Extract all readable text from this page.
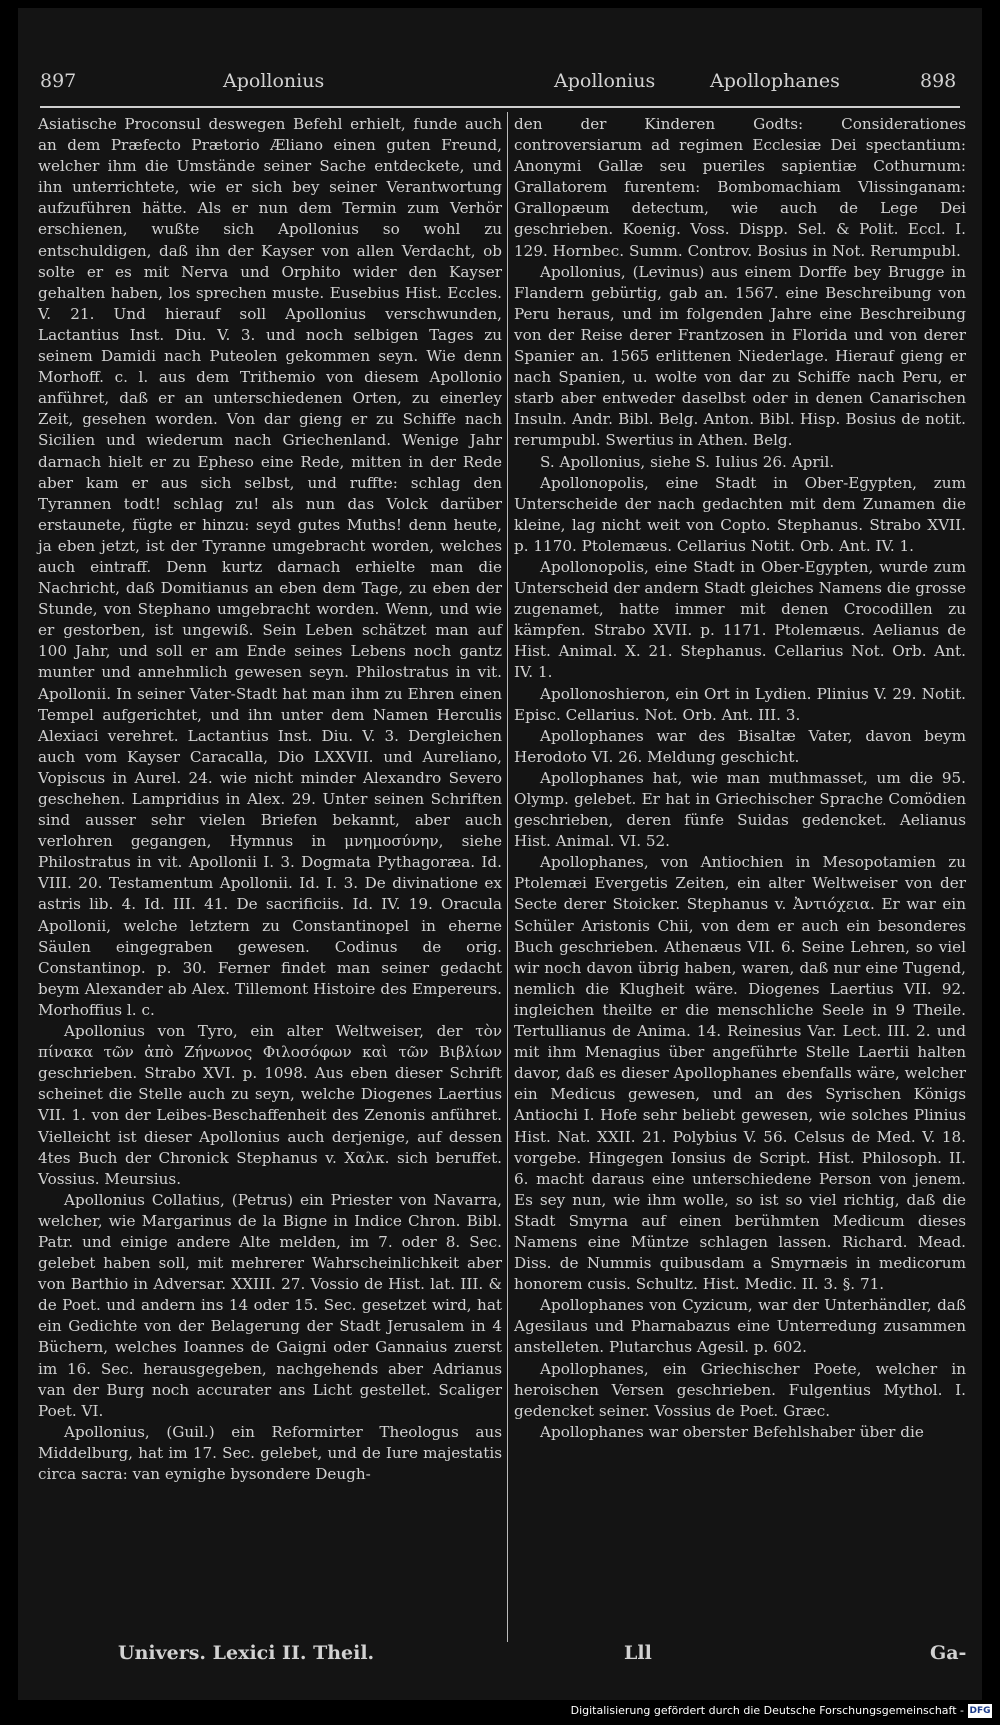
897	Apollonius	Apollonius	Apollophanes	898

Asiatische Proconsul deswegen Befehl erhielt, funde auch an dem Præfecto Prætorio Æliano einen guten Freund, welcher ihm die Umstände seiner Sache entdeckete, und ihn unterrichtete, wie er sich bey seiner Verantwortung aufzuführen hätte. Als er nun dem Termin zum Verhör erschienen, wußte sich Apollonius so wohl zu entschuldigen, daß ihn der Kayser von allen Verdacht, ob solte er es mit Nerva und Orphito wider den Kayser gehalten haben, los sprechen muste. Eusebius Hist. Eccles. V. 21. Und hierauf soll Apollonius verschwunden, Lactantius Inst. Diu. V. 3. und noch selbigen Tages zu seinem Damidi nach Puteolen gekommen seyn. Wie denn Morhoff. c. l. aus dem Trithemio von diesem Apollonio anführet, daß er an unterschiedenen Orten, zu einerley Zeit, gesehen worden. Von dar gieng er zu Schiffe nach Sicilien und wiederum nach Griechenland. Wenige Jahr darnach hielt er zu Epheso eine Rede, mitten in der Rede aber kam er aus sich selbst, und ruffte: schlag den Tyrannen todt! schlag zu! als nun das Volck darüber erstaunete, fügte er hinzu: seyd gutes Muths! denn heute, ja eben jetzt, ist der Tyranne umgebracht worden, welches auch eintraff. Denn kurtz darnach erhielte man die Nachricht, daß Domitianus an eben dem Tage, zu eben der Stunde, von Stephano umgebracht worden. Wenn, und wie er gestorben, ist ungewiß. Sein Leben schätzet man auf 100 Jahr, und soll er am Ende seines Lebens noch gantz munter und annehmlich gewesen seyn. Philostratus in vit. Apollonii. In seiner Vater-Stadt hat man ihm zu Ehren einen Tempel aufgerichtet, und ihn unter dem Namen Herculis Alexiaci verehret. Lactantius Inst. Diu. V. 3. Dergleichen auch vom Kayser Caracalla, Dio LXXVII. und Aureliano, Vopiscus in Aurel. 24. wie nicht minder Alexandro Severo geschehen. Lampridius in Alex. 29. Unter seinen Schriften sind ausser sehr vielen Briefen bekannt, aber auch verlohren gegangen, Hymnus in μνημοσύνην, siehe Philostratus in vit. Apollonii I. 3. Dogmata Pythagoræa. Id. VIII. 20. Testamentum Apollonii. Id. I. 3. De divinatione ex astris lib. 4. Id. III. 41. De sacrificiis. Id. IV. 19. Oracula Apollonii, welche letztern zu Constantinopel in eherne Säulen eingegraben gewesen. Codinus de orig. Constantinop. p. 30. Ferner findet man seiner gedacht beym Alexander ab Alex. Tillemont Histoire des Empereurs. Morhoffius l. c.

Apollonius von Tyro, ein alter Weltweiser, der τὸν πίνακα τῶν ἀπὸ Ζήνωνος Φιλοσόφων καὶ τῶν Βιβλίων geschrieben. Strabo XVI. p. 1098. Aus eben dieser Schrift scheinet die Stelle auch zu seyn, welche Diogenes Laertius VII. 1. von der Leibes-Beschaffenheit des Zenonis anführet. Vielleicht ist dieser Apollonius auch derjenige, auf dessen 4tes Buch der Chronick Stephanus v. Χαλκ. sich beruffet. Vossius. Meursius.

Apollonius Collatius, (Petrus) ein Priester von Navarra, welcher, wie Margarinus de la Bigne in Indice Chron. Bibl. Patr. und einige andere Alte melden, im 7. oder 8. Sec. gelebet haben soll, mit mehrerer Wahrscheinlichkeit aber von Barthio in Adversar. XXIII. 27. Vossio de Hist. lat. III. & de Poet. und andern ins 14 oder 15. Sec. gesetzet wird, hat ein Gedichte von der Belagerung der Stadt Jerusalem in 4 Büchern, welches Ioannes de Gaigni oder Gannaius zuerst im 16. Sec. herausgegeben, nachgehends aber Adrianus van der Burg noch accurater ans Licht gestellet. Scaliger Poet. VI.

Apollonius, (Guil.) ein Reformirter Theologus aus Middelburg, hat im 17. Sec. gelebet, und de Iure majestatis circa sacra: van eynighe bysondere Deugh-

den der Kinderen Godts: Considerationes controversiarum ad regimen Ecclesiæ Dei spectantium: Anonymi Gallæ seu pueriles sapientiæ Cothurnum: Grallatorem furentem: Bombomachiam Vlissinganam: Grallopæum detectum, wie auch de Lege Dei geschrieben. Koenig. Voss. Dispp. Sel. & Polit. Eccl. I. 129. Hornbec. Summ. Controv. Bosius in Not. Rerumpubl.

Apollonius, (Levinus) aus einem Dorffe bey Brugge in Flandern gebürtig, gab an. 1567. eine Beschreibung von Peru heraus, und im folgenden Jahre eine Beschreibung von der Reise derer Frantzosen in Florida und von derer Spanier an. 1565 erlittenen Niederlage. Hierauf gieng er nach Spanien, u. wolte von dar zu Schiffe nach Peru, er starb aber entweder daselbst oder in denen Canarischen Insuln. Andr. Bibl. Belg. Anton. Bibl. Hisp. Bosius de notit. rerumpubl. Swertius in Athen. Belg.

S. Apollonius, siehe S. Iulius 26. April.

Apollonopolis, eine Stadt in Ober-Egypten, zum Unterscheide der nach gedachten mit dem Zunamen die kleine, lag nicht weit von Copto. Stephanus. Strabo XVII. p. 1170. Ptolemæus. Cellarius Notit. Orb. Ant. IV. 1.

Apollonopolis, eine Stadt in Ober-Egypten, wurde zum Unterscheid der andern Stadt gleiches Namens die grosse zugenamet, hatte immer mit denen Crocodillen zu kämpfen. Strabo XVII. p. 1171. Ptolemæus. Aelianus de Hist. Animal. X. 21. Stephanus. Cellarius Not. Orb. Ant. IV. 1.

Apollonoshieron, ein Ort in Lydien. Plinius V. 29. Notit. Episc. Cellarius. Not. Orb. Ant. III. 3.

Apollophanes war des Bisaltæ Vater, davon beym Herodoto VI. 26. Meldung geschicht.

Apollophanes hat, wie man muthmasset, um die 95. Olymp. gelebet. Er hat in Griechischer Sprache Comödien geschrieben, deren fünfe Suidas gedencket. Aelianus Hist. Animal. VI. 52.

Apollophanes, von Antiochien in Mesopotamien zu Ptolemæi Evergetis Zeiten, ein alter Weltweiser von der Secte derer Stoicker. Stephanus v. Ἀντιόχεια. Er war ein Schüler Aristonis Chii, von dem er auch ein besonderes Buch geschrieben. Athenæus VII. 6. Seine Lehren, so viel wir noch davon übrig haben, waren, daß nur eine Tugend, nemlich die Klugheit wäre. Diogenes Laertius VII. 92. ingleichen theilte er die menschliche Seele in 9 Theile. Tertullianus de Anima. 14. Reinesius Var. Lect. III. 2. und mit ihm Menagius über angeführte Stelle Laertii halten davor, daß es dieser Apollophanes ebenfalls wäre, welcher ein Medicus gewesen, und an des Syrischen Königs Antiochi I. Hofe sehr beliebt gewesen, wie solches Plinius Hist. Nat. XXII. 21. Polybius V. 56. Celsus de Med. V. 18. vorgebe. Hingegen Ionsius de Script. Hist. Philosoph. II. 6. macht daraus eine unterschiedene Person von jenem. Es sey nun, wie ihm wolle, so ist so viel richtig, daß die Stadt Smyrna auf einen berühmten Medicum dieses Namens eine Müntze schlagen lassen. Richard. Mead. Diss. de Nummis quibusdam a Smyrnæis in medicorum honorem cusis. Schultz. Hist. Medic. II. 3. §. 71.

Apollophanes von Cyzicum, war der Unterhändler, daß Agesilaus und Pharnabazus eine Unterredung zusammen anstelleten. Plutarchus Agesil. p. 602.

Apollophanes, ein Griechischer Poete, welcher in heroischen Versen geschrieben. Fulgentius Mythol. I. gedencket seiner. Vossius de Poet. Græc.

Apollophanes war oberster Befehlshaber über die

Univers. Lexici II. Theil.	Lll	Ga-
Digitalisierung gefördert durch die Deutsche Forschungsgemeinschaft - DFG
